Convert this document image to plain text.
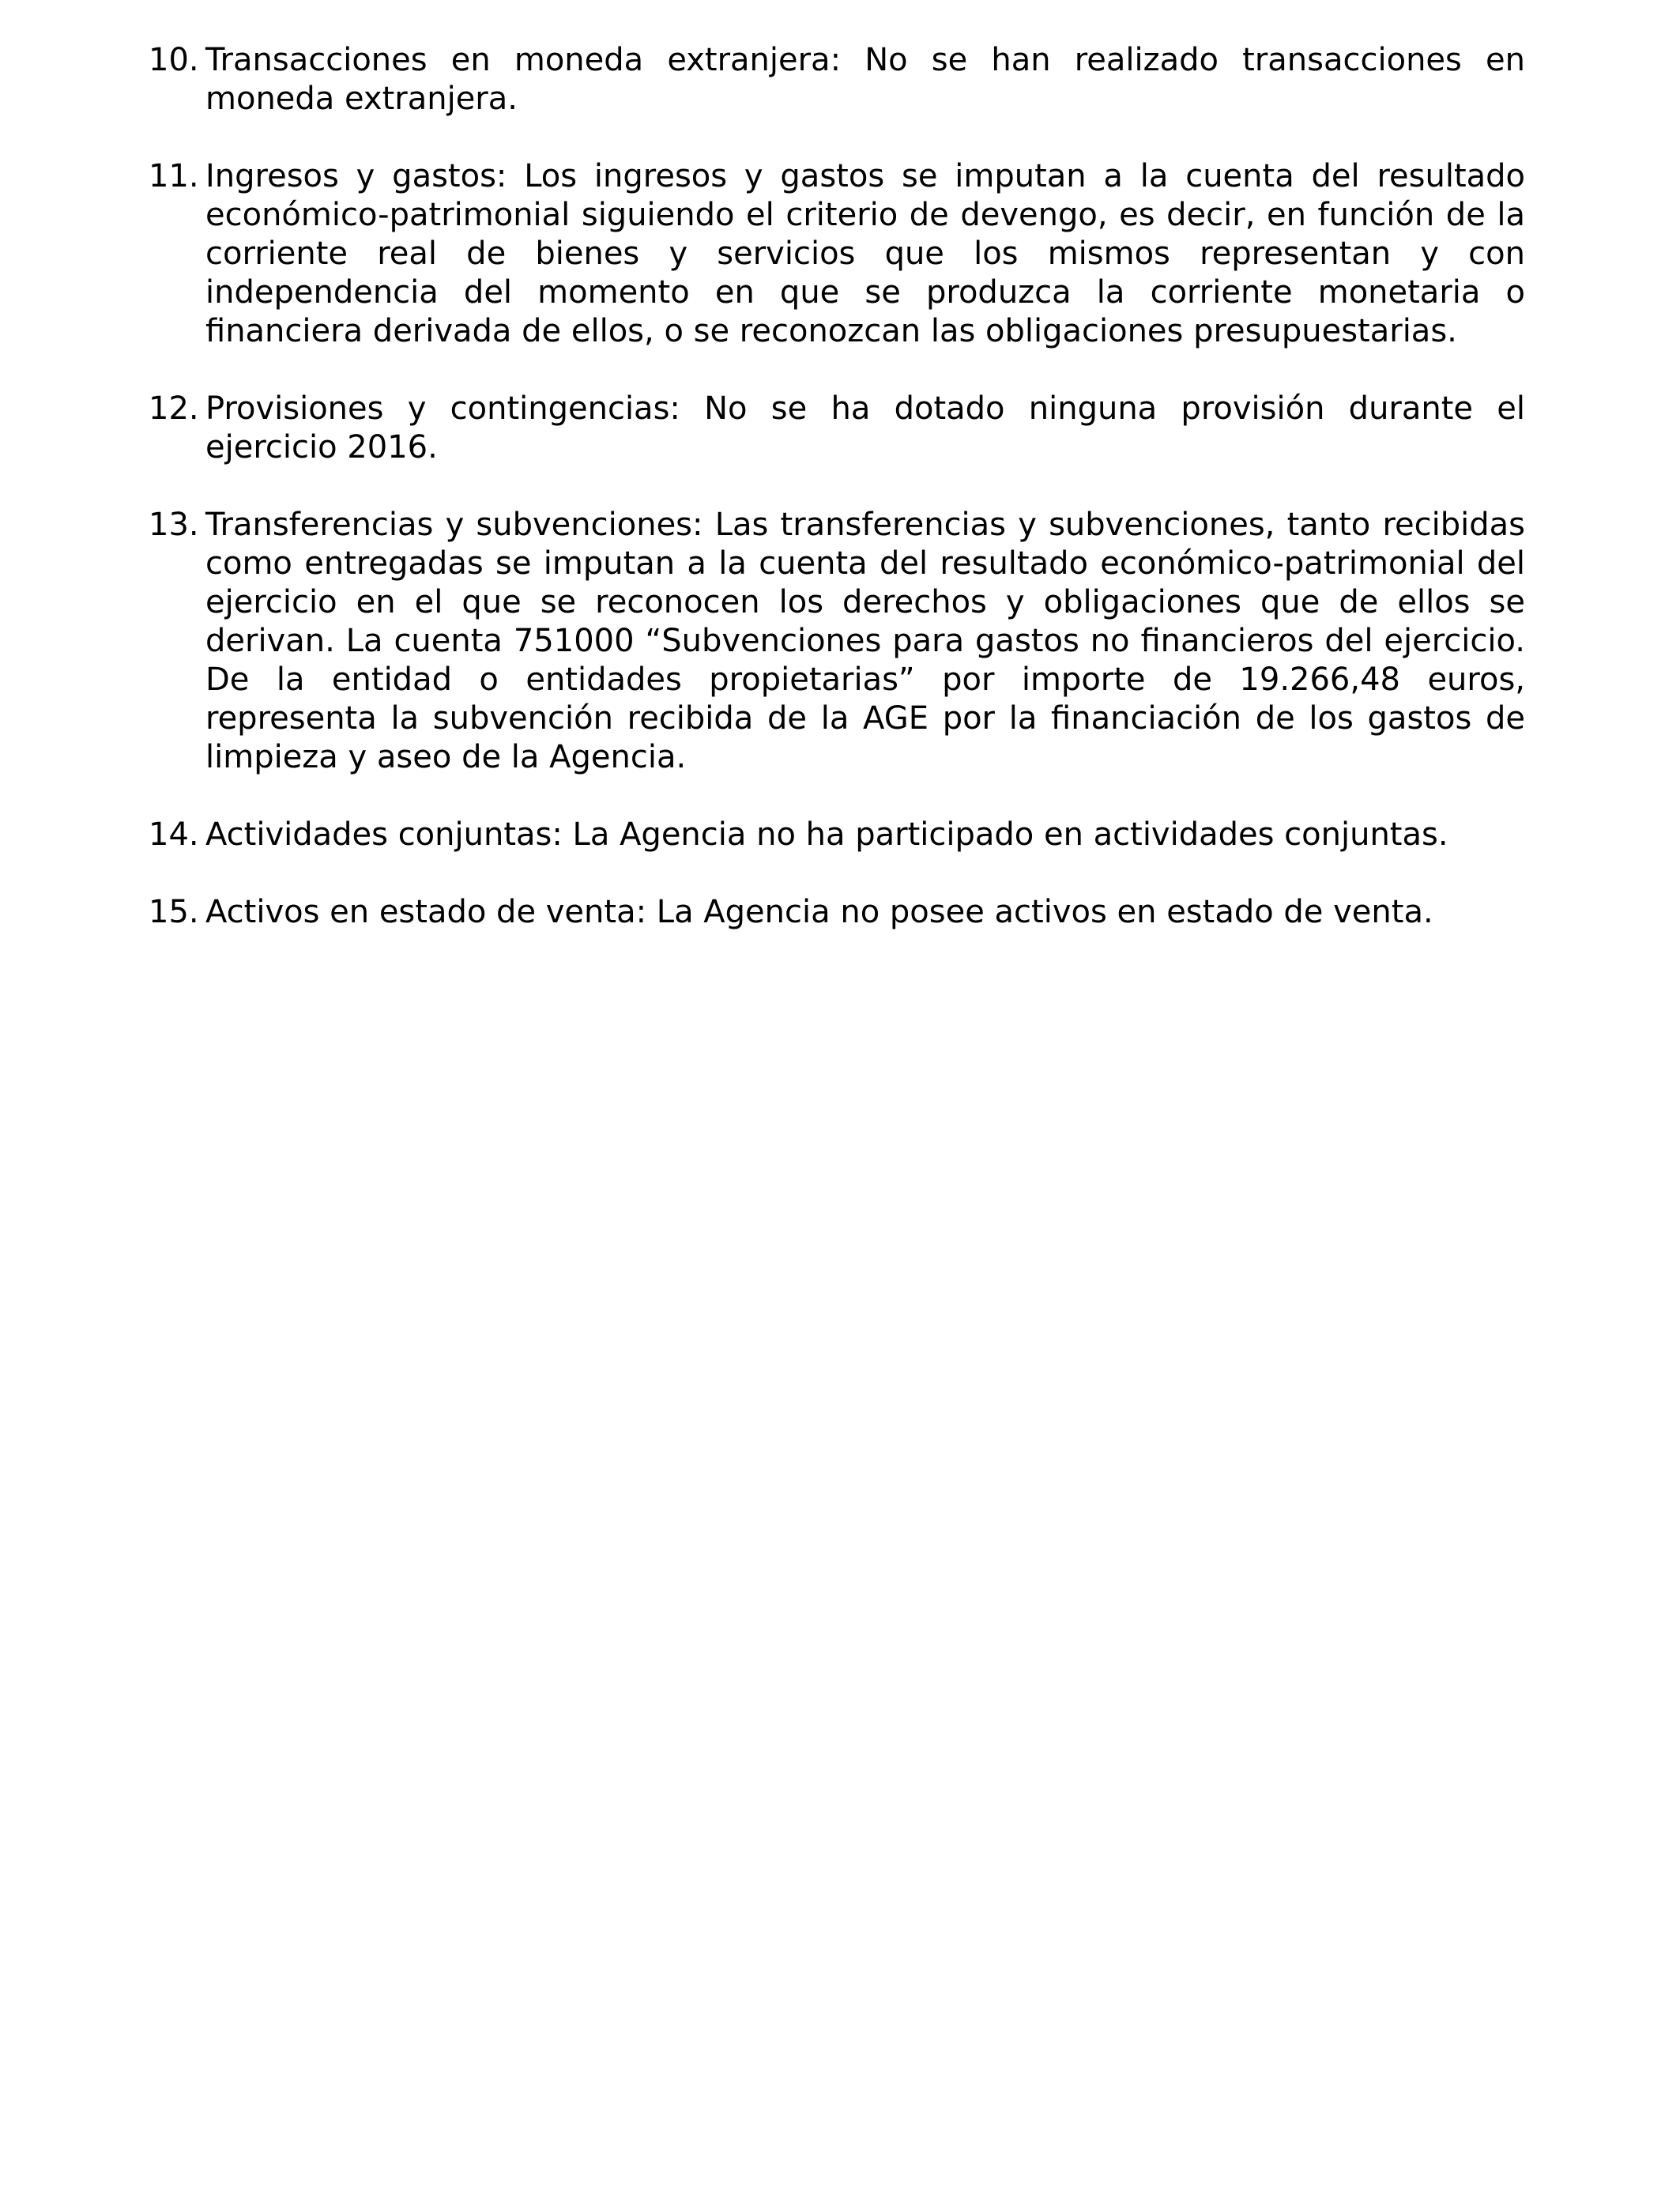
10. Transacciones en moneda extranjera: No se han realizado transacciones en moneda extranjera.
11. Ingresos y gastos: Los ingresos y gastos se imputan a la cuenta del resultado económico-patrimonial siguiendo el criterio de devengo, es decir, en función de la corriente real de bienes y servicios que los mismos representan y con independencia del momento en que se produzca la corriente monetaria o financiera derivada de ellos, o se reconozcan las obligaciones presupuestarias.
12. Provisiones y contingencias: No se ha dotado ninguna provisión durante el ejercicio 2016.
13. Transferencias y subvenciones: Las transferencias y subvenciones, tanto recibidas como entregadas se imputan a la cuenta del resultado económico-patrimonial del ejercicio en el que se reconocen los derechos y obligaciones que de ellos se derivan. La cuenta 751000 “Subvenciones para gastos no financieros del ejercicio. De la entidad o entidades propietarias” por importe de 19.266,48 euros, representa la subvención recibida de la AGE por la financiación de los gastos de limpieza y aseo de la Agencia.
14. Actividades conjuntas: La Agencia no ha participado en actividades conjuntas.
15. Activos en estado de venta: La Agencia no posee activos en estado de venta.
